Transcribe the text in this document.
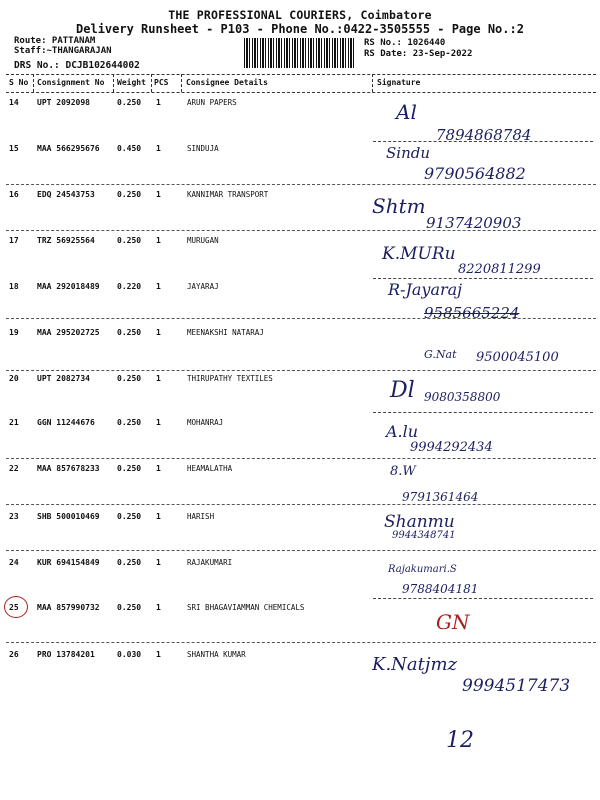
THE PROFESSIONAL COURIERS, Coimbatore
Delivery Runsheet - P103 - Phone No.:0422-3505555 - Page No.:2
Route: PATTANAM
Staff:~THANGARAJAN
DRS No.: DCJB102644002
RS No.: 1026440
RS Date: 23-Sep-2022
S No Consignment No Weight PCS Consignee Details	Signature
14 UPT 2092098	0.250 1	ARUN PAPERS	Al
7894868784
15 MAA 566295676 0.450 1	SINDUJA	Sindu
9790564882
16 EDQ 24543753	0.250 1	KANNIMAR TRANSPORT	Shtm
9137420903
17 TRZ 56925564	0.250 1	MURUGAN
K.MURu
8220811299
18 MAA 292018489 0.220 1	JAYARAJ	R-Jayaraj
9585665224
19 MAA 295202725 0.250 1	MEENAKSHI NATARAJ
G.Nat 9500045100
20 UPT 2082734	0.250 1	THIRUPATHY TEXTILES	Dl 9080358800
21 GGN 11244676	0.250 1	MOHANRAJ	A.lu
9994292434
22 MAA 857678233 0.250 1	HEAMALATHA	8.W
9791361464
23 SHB 500010469 0.250 1	HARISH	Shanmu
9944348741
24 KUR 694154849 0.250 1	RAJAKUMARI
Rajakumari.S
9788404181
25 MAA 857990732 0.250 1	SRI BHAGAVIAMMAN CHEMICALS
GN
26 PRO 13784201	0.030 1	SHANTHA KUMAR	K.Natjmz
9994517473
12
